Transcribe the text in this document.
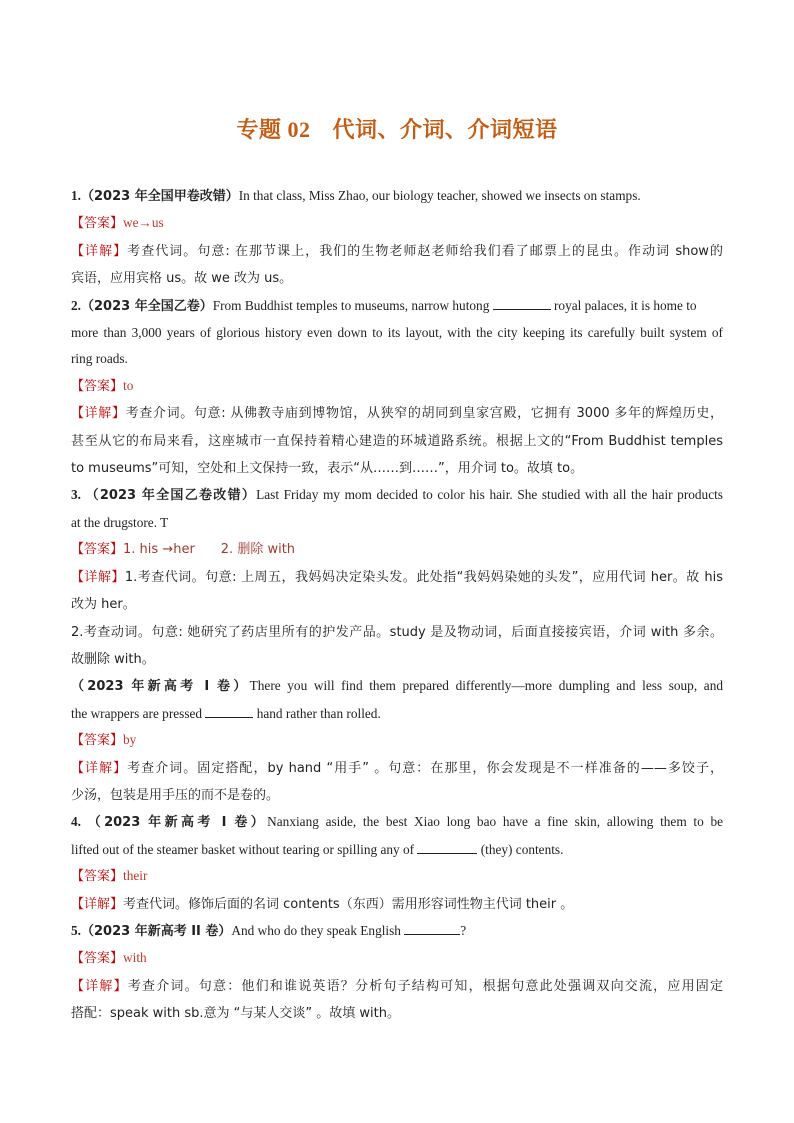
专题 02 代词、介词、介词短语
1.（2023 年全国甲卷改错）In that class, Miss Zhao, our biology teacher, showed we insects on stamps.
【答案】we→us
【详解】考查代词。句意: 在那节课上，我们的生物老师赵老师给我们看了邮票上的昆虫。作动词 show的
宾语，应用宾格 us。故 we 改为 us。
2.（2023 年全国乙卷）From Buddhist temples to museums, narrow hutong	royal palaces, it is home to
more than 3,000 years of glorious history even down to its layout, with the city keeping its carefully built system of
ring roads.
【答案】to
【详解】考查介词。句意: 从佛教寺庙到博物馆，从狭窄的胡同到皇家宫殿，它拥有 3000 多年的辉煌历史，
甚至从它的布局来看，这座城市一直保持着精心建造的环城道路系统。根据上文的“From Buddhist temples
to museums”可知，空处和上文保持一致，表示“从……到……”，用介词 to。故填 to。
3. （2023 年全国乙卷改错）Last Friday my mom decided to color his hair. She studied with all the hair products
at the drugstore. T
【答案】1. his →her　　2. 删除 with
【详解】1.考查代词。句意: 上周五，我妈妈决定染头发。此处指“我妈妈染她的头发”，应用代词 her。故 his
改为 her。
2.考查动词。句意: 她研究了药店里所有的护发产品。study 是及物动词，后面直接接宾语，介词 with 多余。
故删除 with。
（2023 年新高考 I 卷）There you will find them prepared differently—more dumpling and less soup, and
the wrappers are pressed	hand rather than rolled.
【答案】by
【详解】考查介词。固定搭配，by hand “用手” 。句意：在那里，你会发现是不一样准备的——多饺子，
少汤，包装是用手压的而不是卷的。
4. （2023 年新高考 I 卷）Nanxiang aside, the best Xiao long bao have a fine skin, allowing them to be
lifted out of the steamer basket without tearing or spilling any of	(they) contents.
【答案】their
【详解】考查代词。修饰后面的名词 contents（东西）需用形容词性物主代词 their 。
5.（2023 年新高考 II 卷）And who do they speak English	?
【答案】with
【详解】考查介词。句意：他们和谁说英语？分析句子结构可知，根据句意此处强调双向交流，应用固定
搭配：speak with sb.意为 “与某人交谈” 。故填 with。
